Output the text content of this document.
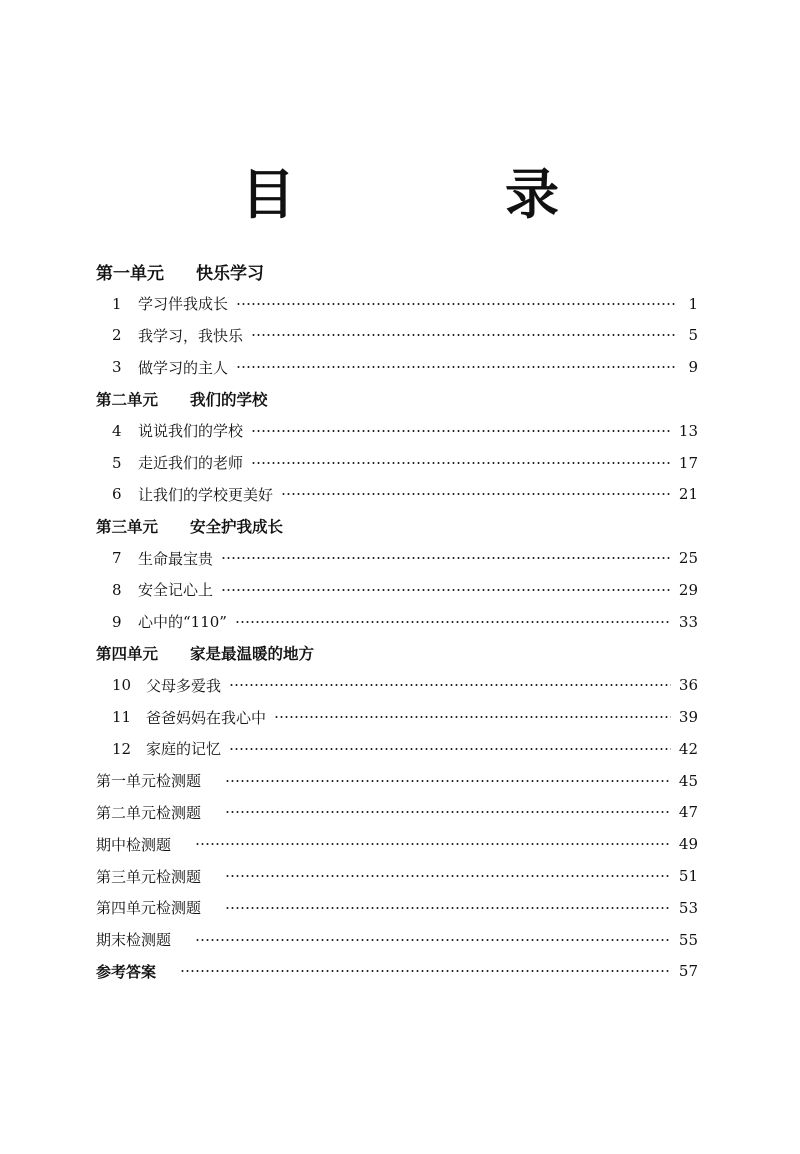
目　录
第一单元 快乐学习
1	学习伴我成长	1
2	我学习，我快乐	5
3	做学习的主人	9
第二单元 我们的学校
4	说说我们的学校	13
5	走近我们的老师	17
6	让我们的学校更美好	21
第三单元 安全护我成长
7	生命最宝贵	25
8	安全记心上	29
9	心中的“110”	33
第四单元 家是最温暖的地方
10 父母多爱我	36
11 爸爸妈妈在我心中	39
12 家庭的记忆	42
第一单元检测题	45
第二单元检测题	47
期中检测题	49
第三单元检测题	51
第四单元检测题	53
期末检测题	55
参考答案	57
